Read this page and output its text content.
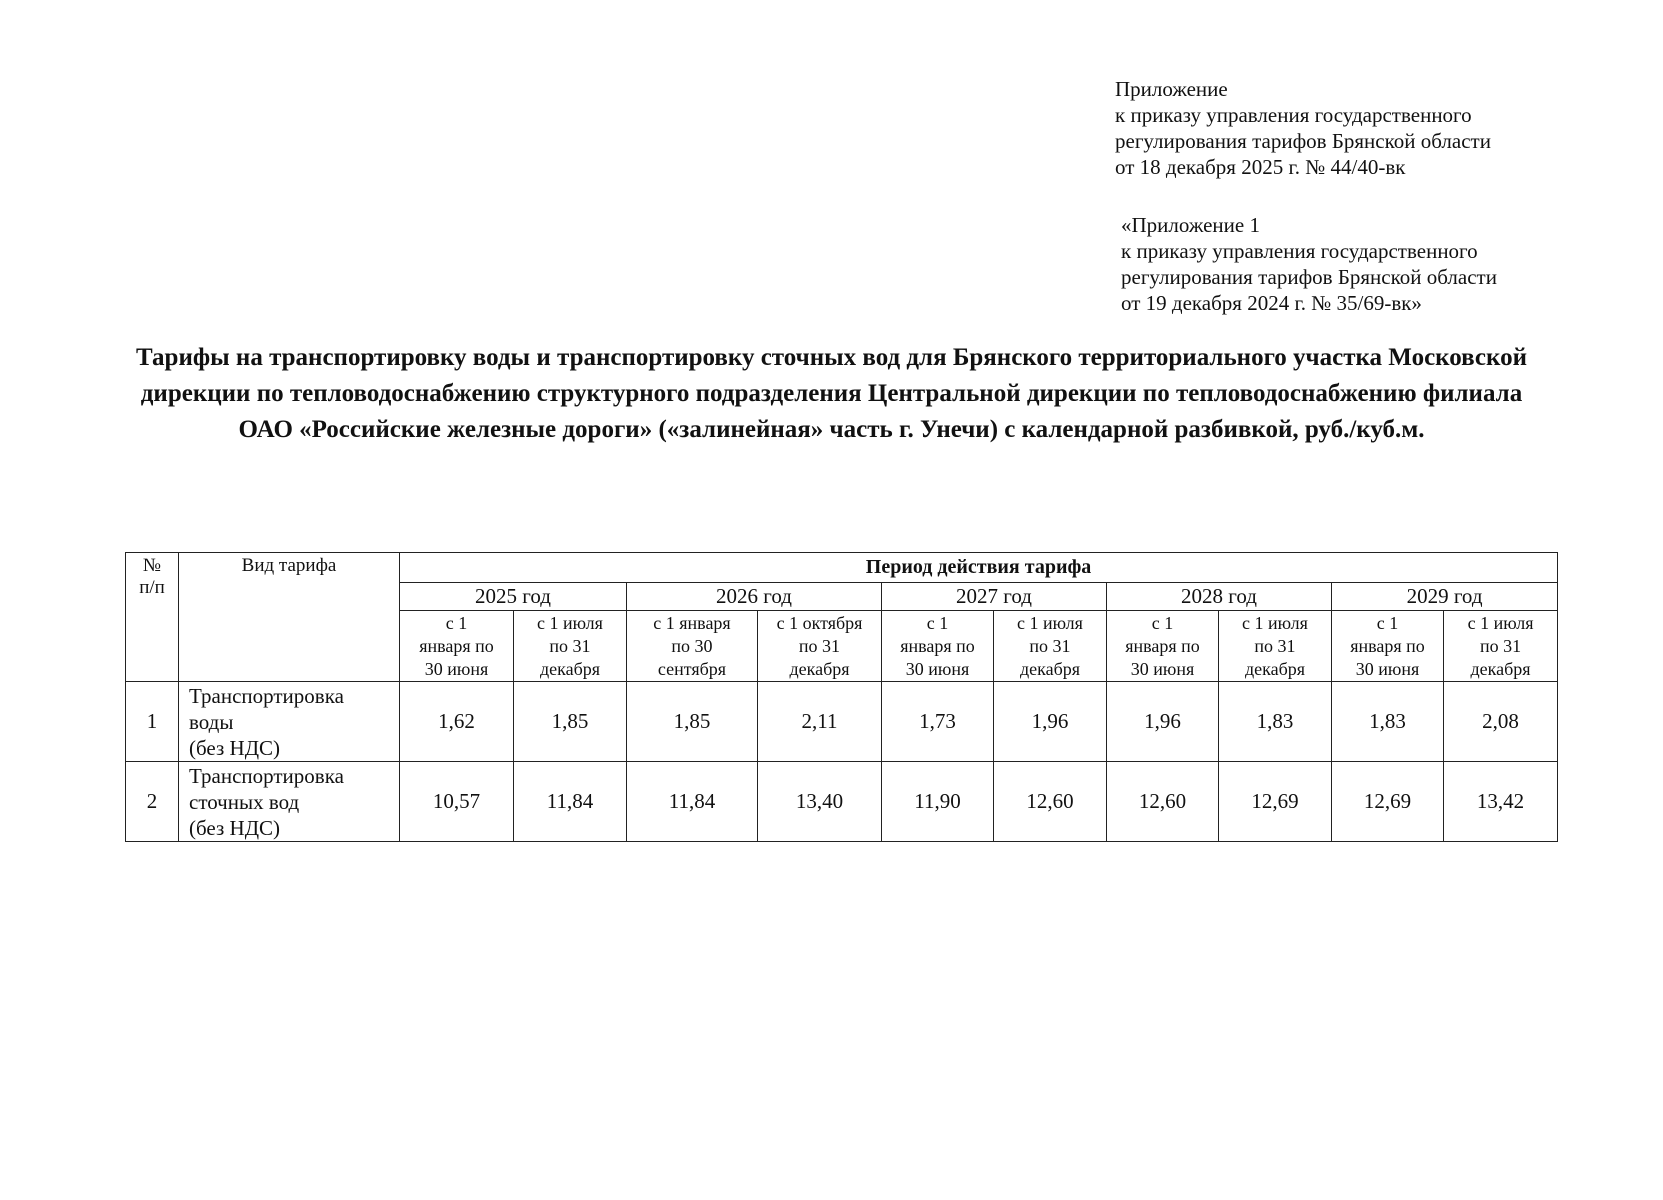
Приложение
к приказу управления государственного
регулирования тарифов Брянской области
от 18 декабря 2025 г. № 44/40-вк
«Приложение 1
к приказу управления государственного
регулирования тарифов Брянской области
от 19 декабря 2024 г. № 35/69-вк»
Тарифы на транспортировку воды и транспортировку сточных вод для Брянского территориального участка Московской
дирекции по тепловодоснабжению структурного подразделения Центральной дирекции по тепловодоснабжению филиала
ОАО «Российские железные дороги» («залинейная» часть г. Унечи) с календарной разбивкой, руб./куб.м.
№
п/п	Вид тарифа	Период действия тарифа									
		2025 год		2026 год		2027 год		2028 год		2029 год	

		с 1
января по
30 июня	с 1 июля
по 31
декабря	с 1 января
по 30
сентября	с 1 октября
по 31
декабря	с 1
января по
30 июня	с 1 июля
по 31
декабря	с 1
января по
30 июня	с 1 июля
по 31
декабря	с 1
января по
30 июня	с 1 июля
по 31
декабря

1	Транспортировка
воды
(без НДС)	1,62	1,85	1,85	2,11	1,73	1,96	1,96	1,83	1,83	2,08
2	Транспортировка
сточных вод
(без НДС)	10,57	11,84	11,84	13,40	11,90	12,60	12,60	12,69	12,69	13,42
